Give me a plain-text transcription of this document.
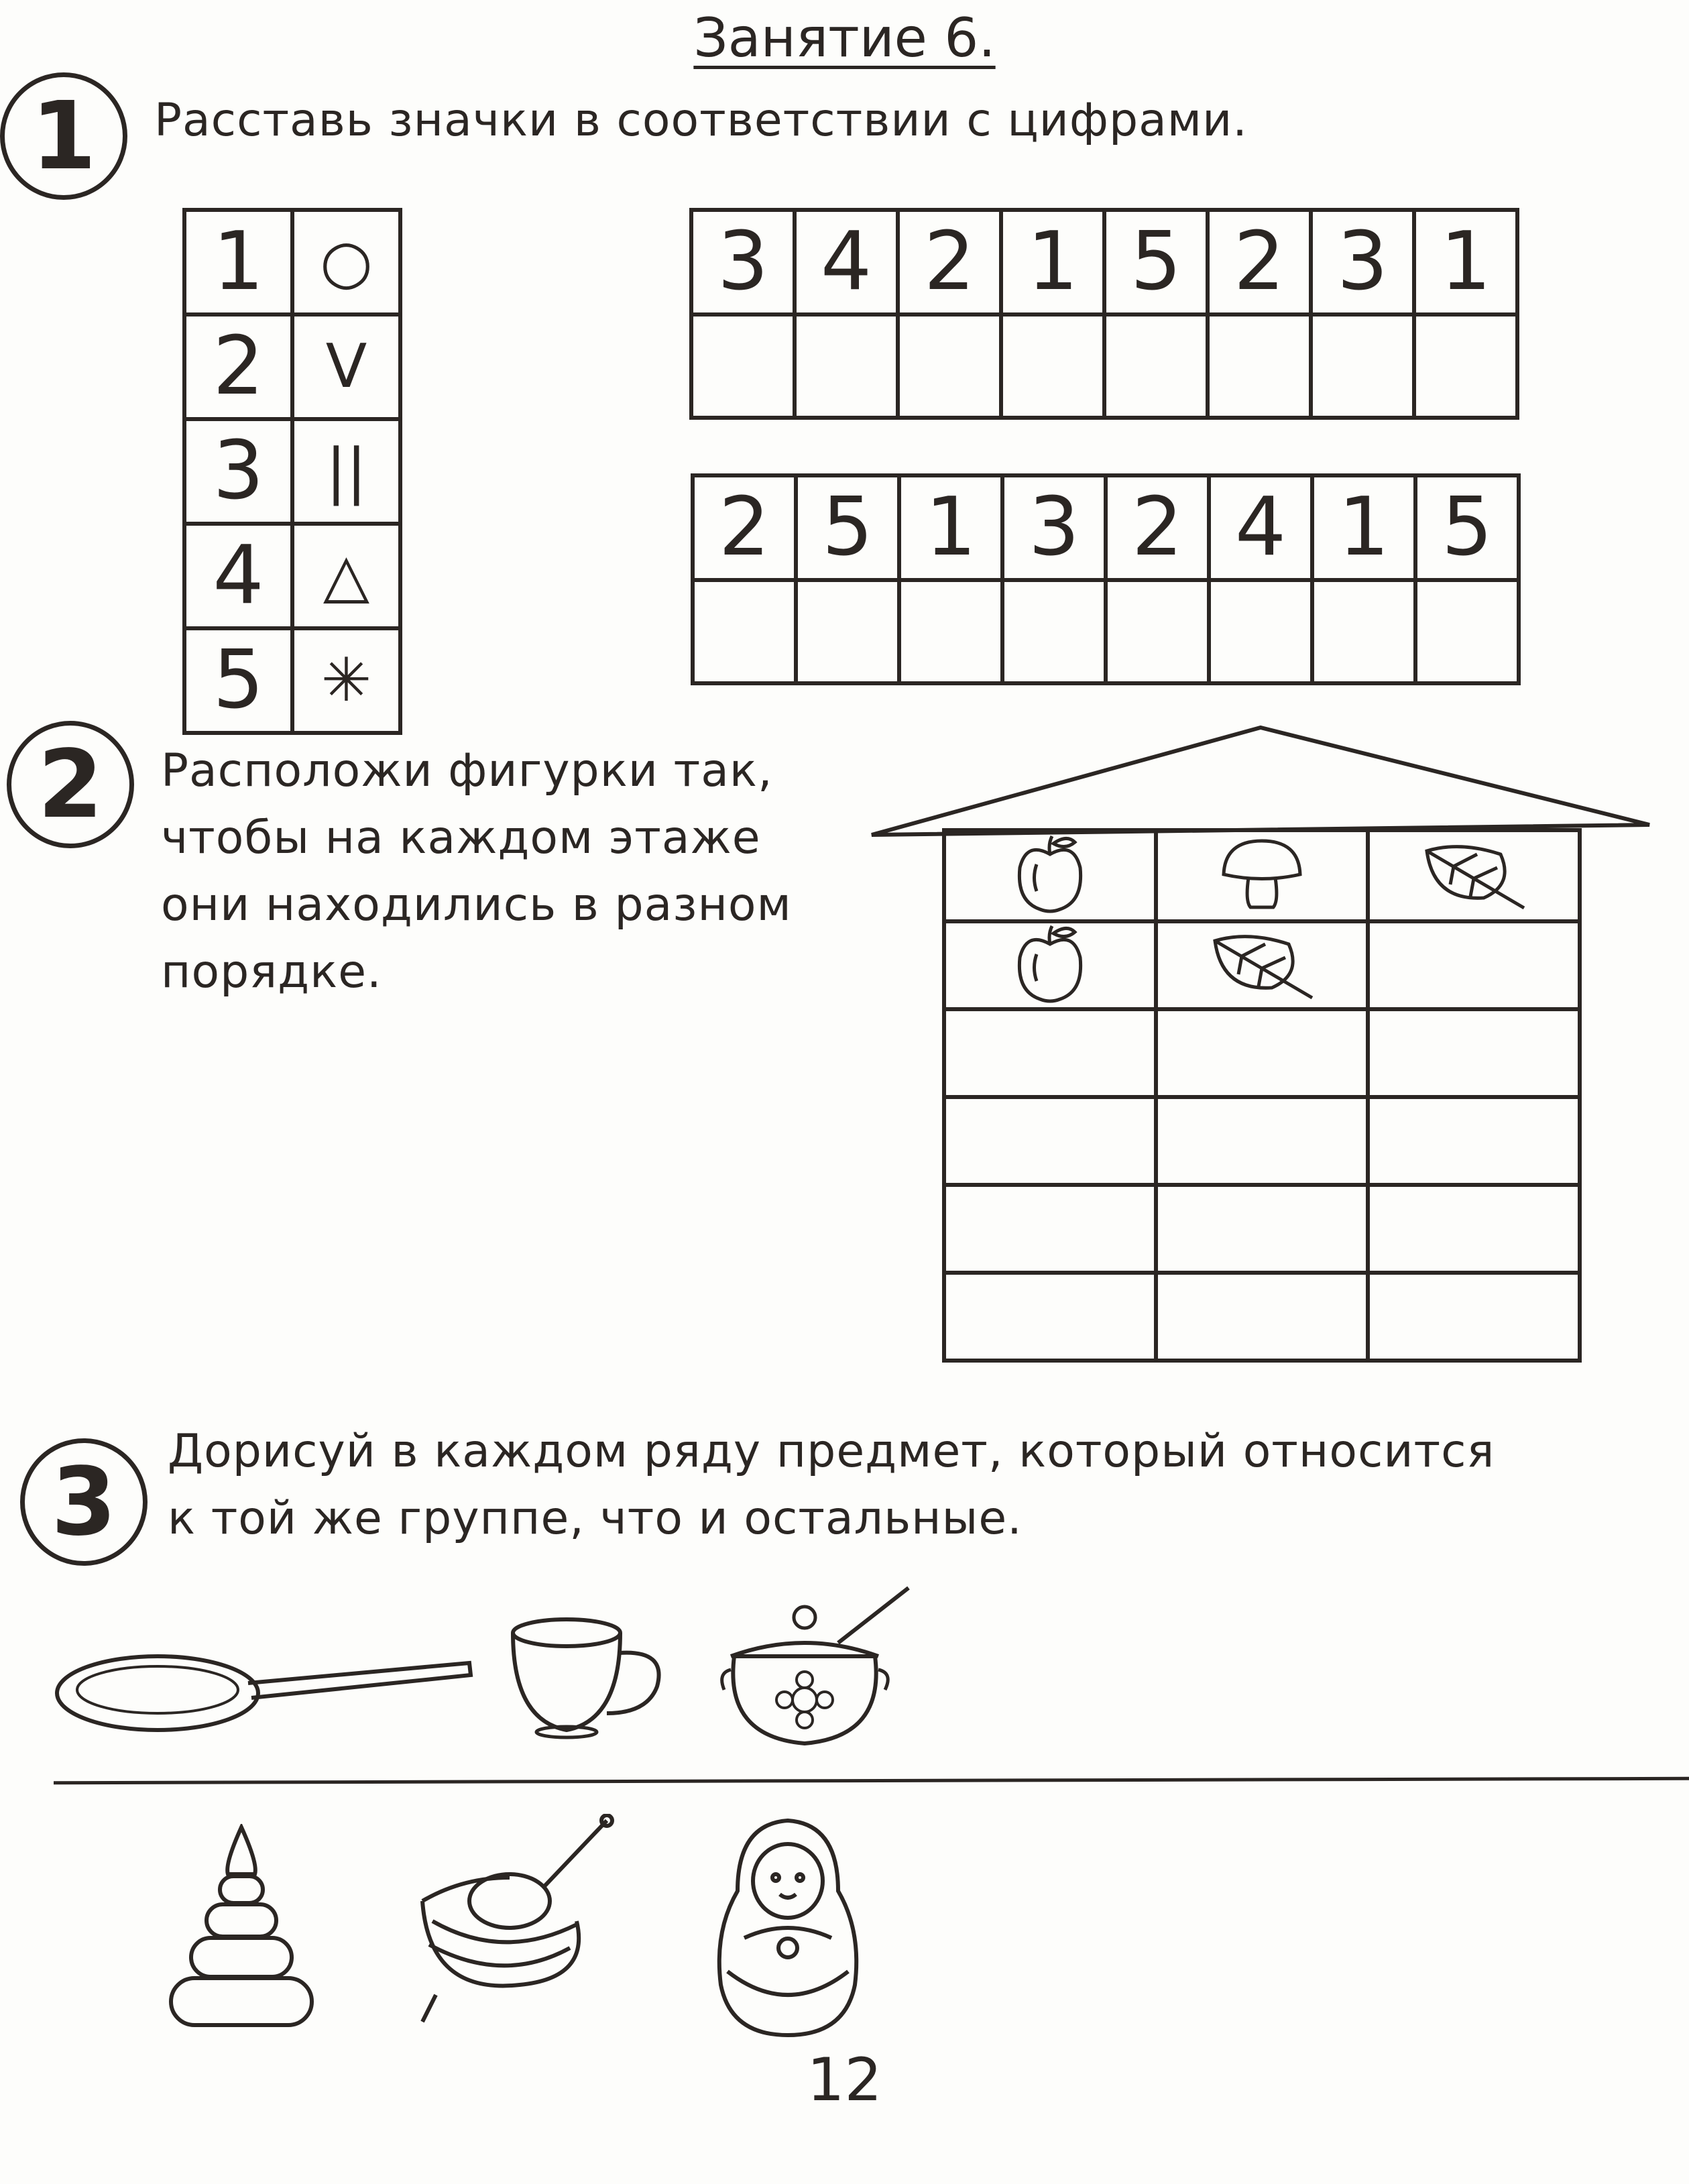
Занятие 6.
1	Расставь значки в соответствии с цифрами.
1	○
2	V
3	||
4	△
5	✳
3	4	2	1	5	2	3	1

2	5	1	3	2	4	1	5

2	Расположи фигурки так,
чтобы на каждом этаже
они находились в разном
порядке.

3	Дорисуй в каждом ряду предмет, который относится
к той же группе, что и остальные.
12
